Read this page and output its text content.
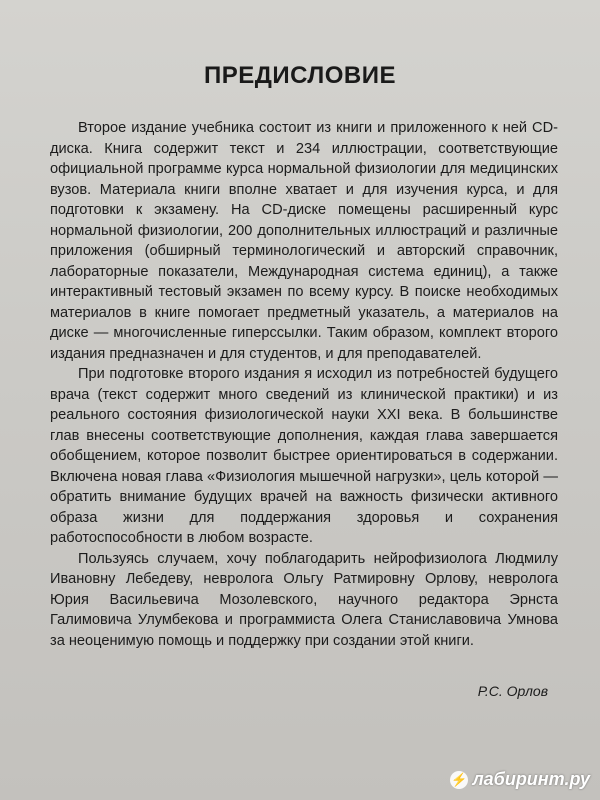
ПРЕДИСЛОВИЕ

Второе издание учебника состоит из книги и приложенного к ней CD-диска. Книга содержит текст и 234 иллюстрации, соответствующие официальной программе курса нормальной физиологии для медицинских вузов. Материала книги вполне хватает и для изучения курса, и для подготовки к экзамену. На CD-диске помещены расширенный курс нормальной физиологии, 200 дополнительных иллюстраций и различные приложения (обширный терминологический и авторский справочник, лабораторные показатели, Международная система единиц), а также интерактивный тестовый экзамен по всему курсу. В поиске необходимых материалов в книге помогает предметный указатель, а материалов на диске — многочисленные гиперссылки. Таким образом, комплект второго издания предназначен и для студентов, и для преподавателей.

При подготовке второго издания я исходил из потребностей будущего врача (текст содержит много сведений из клинической практики) и из реального состояния физиологической науки XXI века. В большинстве глав внесены соответствующие дополнения, каждая глава завершается обобщением, которое позволит быстрее ориентироваться в содержании. Включена новая глава «Физиология мышечной нагрузки», цель которой — обратить внимание будущих врачей на важность физически активного образа жизни для поддержания здоровья и сохранения работоспособности в любом возрасте.

Пользуясь случаем, хочу поблагодарить нейрофизиолога Людмилу Ивановну Лебедеву, невролога Ольгу Ратмировну Орлову, невролога Юрия Васильевича Мозолевского, научного редактора Эрнста Галимовича Улумбекова и программиста Олега Станиславовича Умнова за неоценимую помощь и поддержку при создании этой книги.

Р.С. Орлов
⚡ лабиринт.ру
